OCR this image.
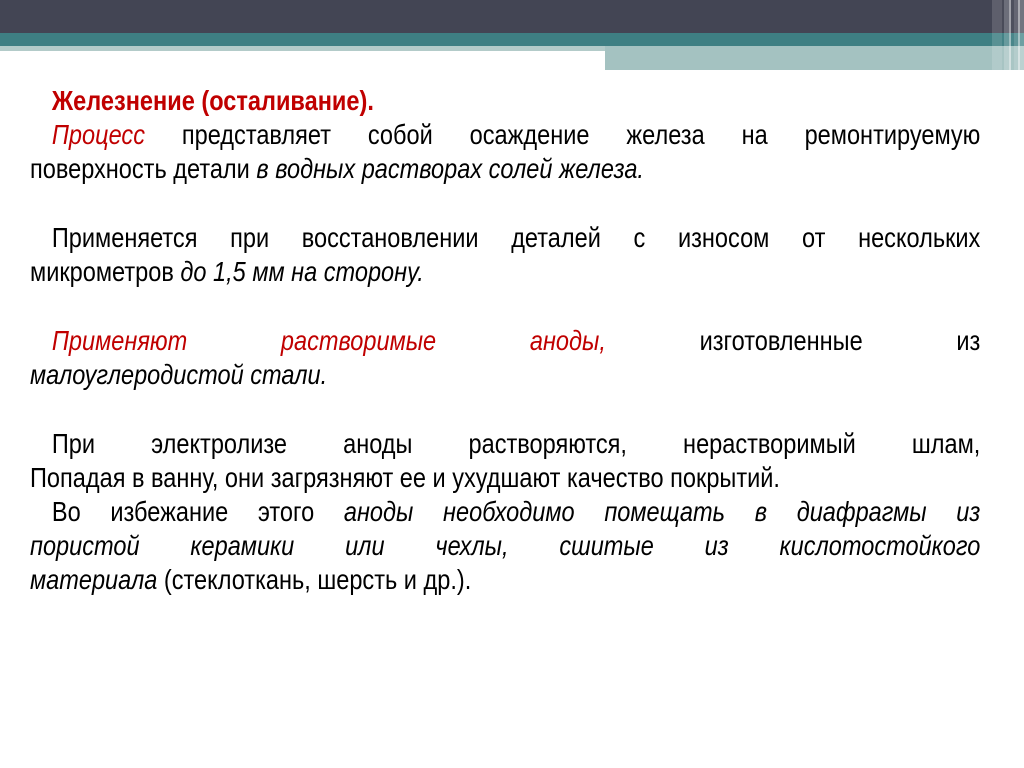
Железнение (осталивание).
Процесс представляет собой осаждение железа на ремонтируемую
поверхность детали в водных растворах солей железа.
Применяется при восстановлении деталей с износом от нескольких
микрометров до 1,5 мм на сторону.
Применяют растворимые аноды, изготовленные из
малоуглеродистой стали.
При электролизе аноды растворяются, нерастворимый шлам,
Попадая в ванну, они загрязняют ее и ухудшают качество покрытий.
Во избежание этого аноды необходимо помещать в диафрагмы из
пористой керамики или чехлы, сшитые из кислотостойкого
материала (стеклоткань, шерсть и др.).
